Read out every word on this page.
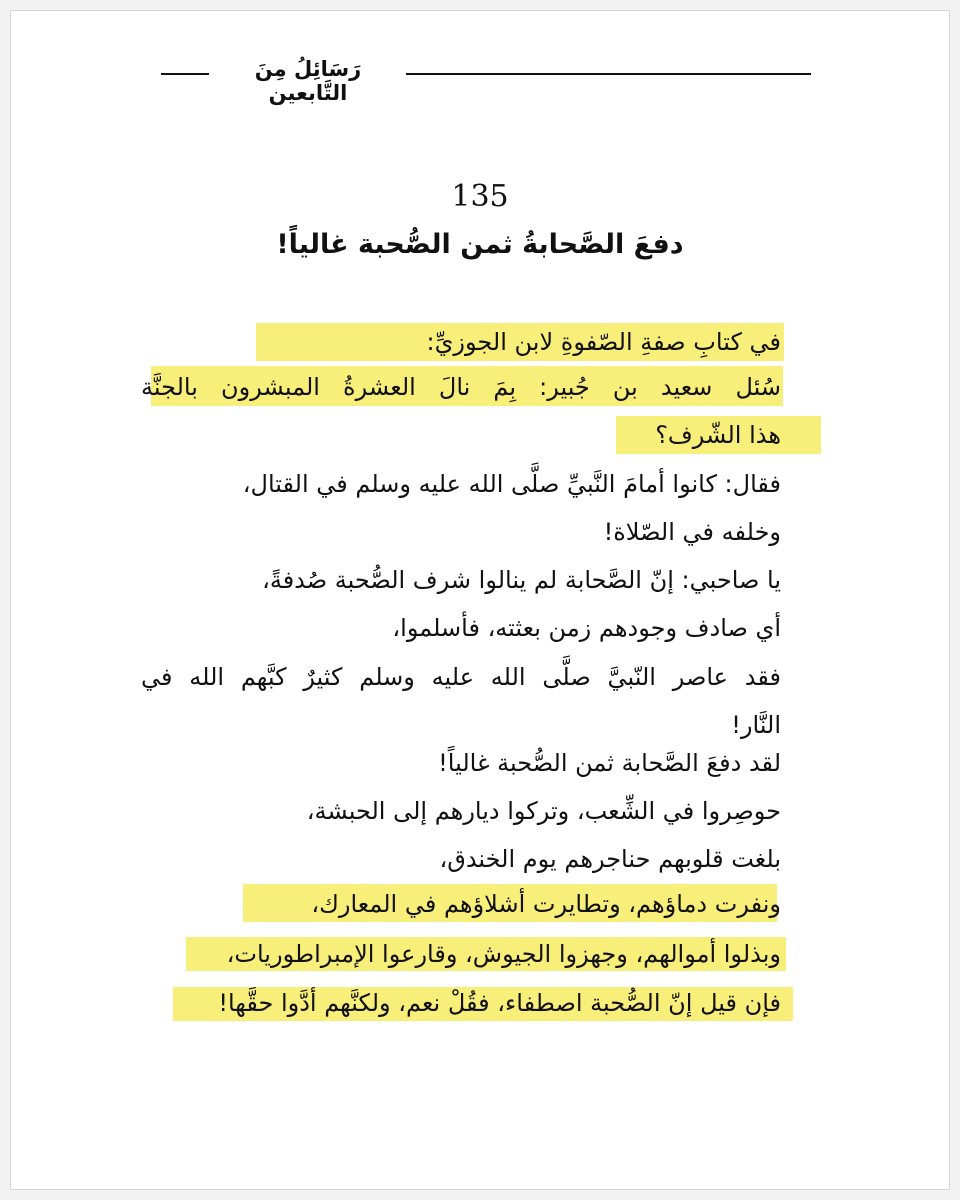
رَسَائِلُ مِنَ التَّابعين
135
دفعَ الصَّحابةُ ثمن الصُّحبة غالياً!
في كتابِ صفةِ الصّفوةِ لابن الجوزيِّ:
سُئل سعيد بن جُبير: بِمَ نالَ العشرةُ المبشرون بالجنَّة
هذا الشّرف؟
فقال: كانوا أمامَ النَّبيِّ صلَّى الله عليه وسلم في القتال،
وخلفه في الصّلاة!
يا صاحبي: إنّ الصَّحابة لم ينالوا شرف الصُّحبة صُدفةً،
أي صادف وجودهم زمن بعثته، فأسلموا،
فقد عاصر النّبيَّ صلَّى الله عليه وسلم كثيرٌ كبَّهم الله في
النَّار!
لقد دفعَ الصَّحابة ثمن الصُّحبة غالياً!
حوصِروا في الشِّعب، وتركوا ديارهم إلى الحبشة،
بلغت قلوبهم حناجرهم يوم الخندق،
ونفرت دماؤهم، وتطايرت أشلاؤهم في المعارك،
وبذلوا أموالهم، وجهزوا الجيوش، وقارعوا الإمبراطوريات،
فإن قيل إنّ الصُّحبة اصطفاء، فقُلْ نعم، ولكنَّهم أدَّوا حقَّها!
